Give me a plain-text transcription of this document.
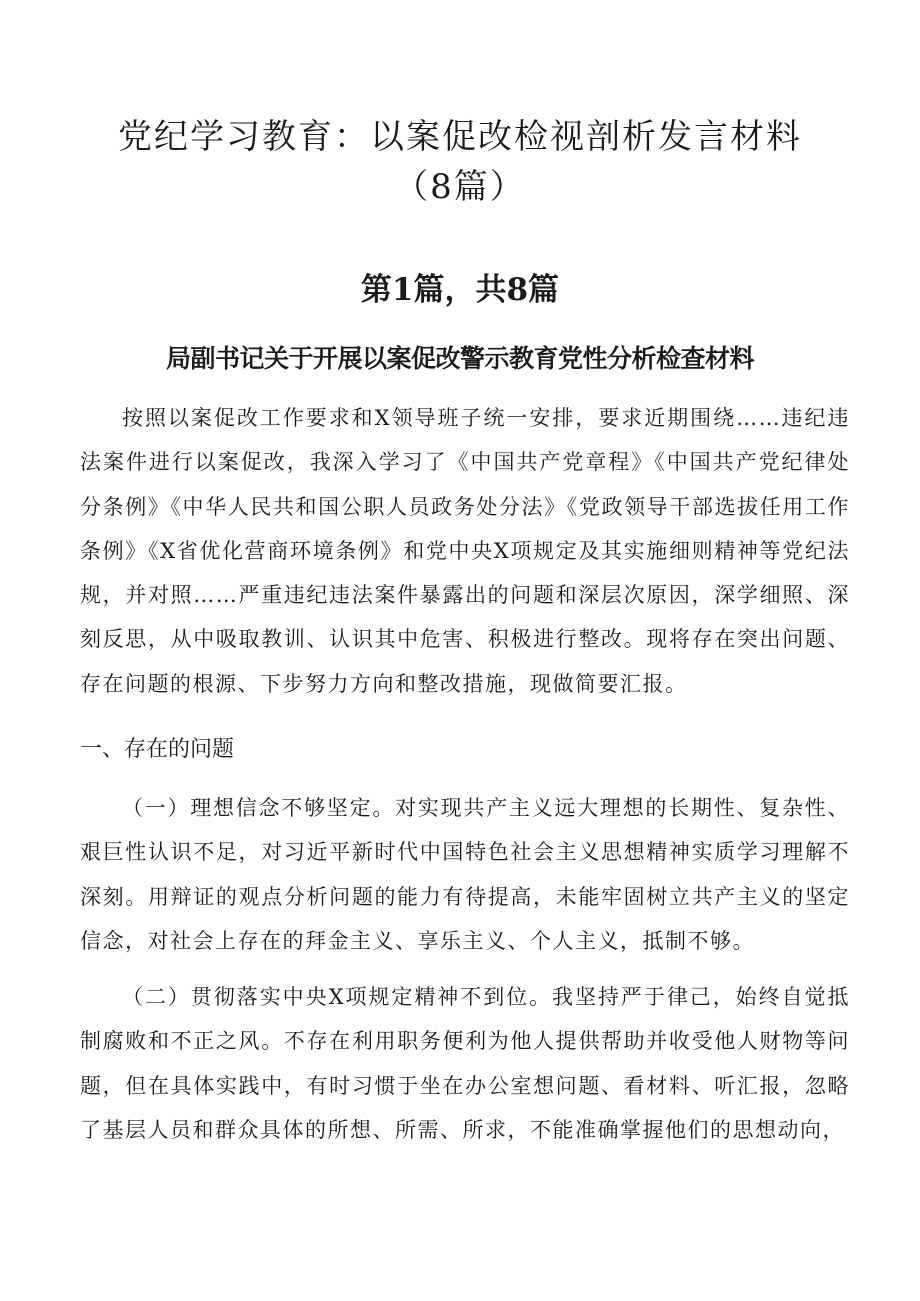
党纪学习教育：以案促改检视剖析发言材料（8篇）
第1篇，共8篇
局副书记关于开展以案促改警示教育党性分析检查材料

按照以案促改工作要求和X领导班子统一安排，要求近期围绕……违纪违法案件进行以案促改，我深入学习了《中国共产党章程》《中国共产党纪律处分条例》《中华人民共和国公职人员政务处分法》《党政领导干部选拔任用工作条例》《X省优化营商环境条例》和党中央X项规定及其实施细则精神等党纪法规，并对照……严重违纪违法案件暴露出的问题和深层次原因，深学细照、深刻反思，从中吸取教训、认识其中危害、积极进行整改。现将存在突出问题、存在问题的根源、下步努力方向和整改措施，现做简要汇报。

一、存在的问题

（一）理想信念不够坚定。对实现共产主义远大理想的长期性、复杂性、艰巨性认识不足，对习近平新时代中国特色社会主义思想精神实质学习理解不深刻。用辩证的观点分析问题的能力有待提高，未能牢固树立共产主义的坚定信念，对社会上存在的拜金主义、享乐主义、个人主义，抵制不够。

（二）贯彻落实中央X项规定精神不到位。我坚持严于律己，始终自觉抵制腐败和不正之风。不存在利用职务便利为他人提供帮助并收受他人财物等问题，但在具体实践中，有时习惯于坐在办公室想问题、看材料、听汇报，忽略了基层人员和群众具体的所想、所需、所求，不能准确掌握他们的思想动向，
